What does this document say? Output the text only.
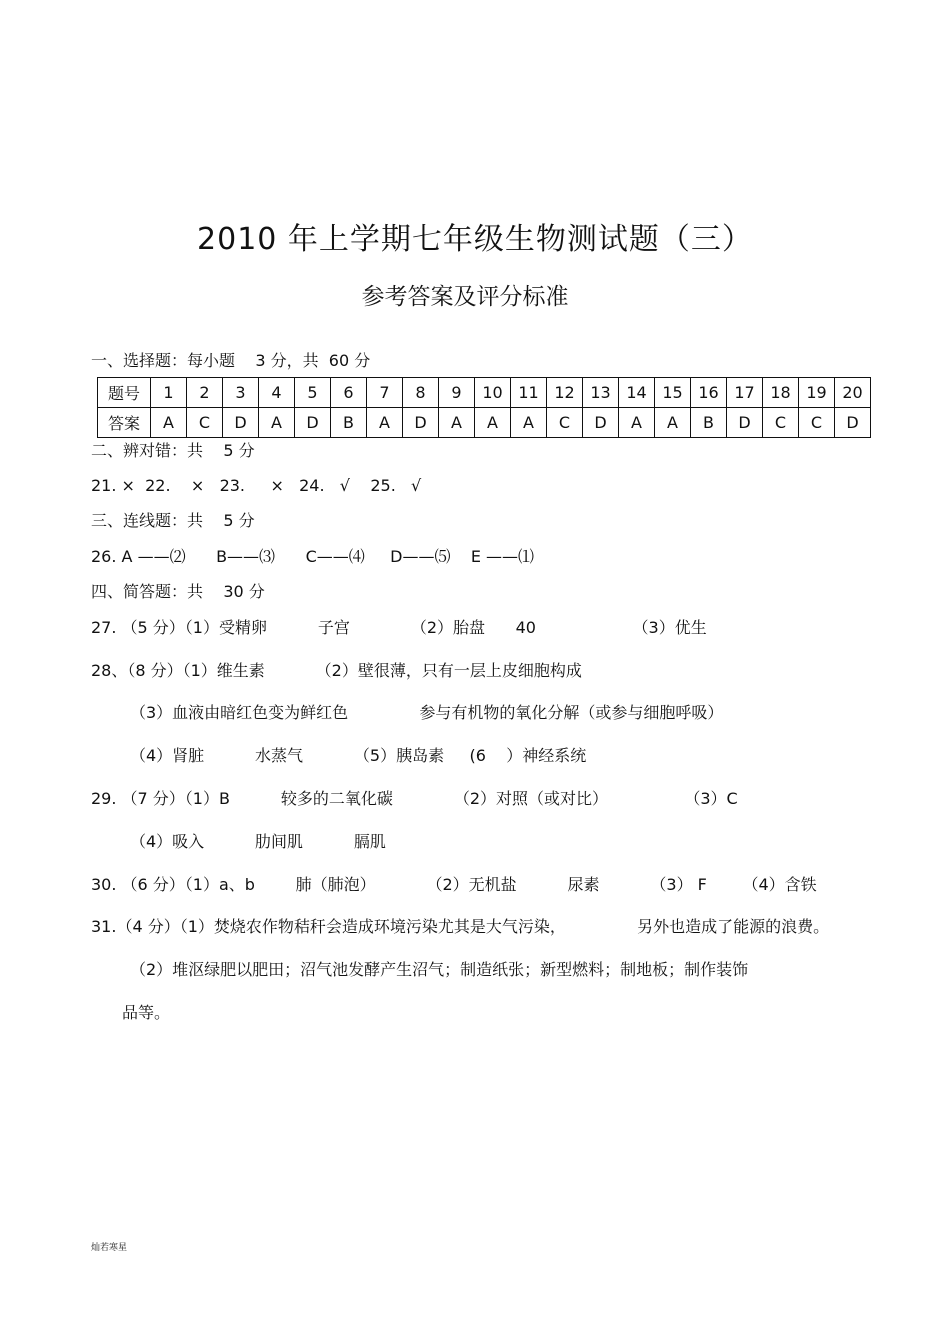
2010 年上学期七年级生物测试题（三）
参考答案及评分标准
一、选择题：每小题    3 分，共  60 分
题号	1	2	3	4	5	6	7	8	9	10	11	12	13	14	15	16	17	18	19	20
答案	A	C	D	A	D	B	A	D	A	A	A	C	D	A	A	B	D	C	C	D
二、辨对错：共    5 分
21. ×  22.    ×   23.     ×   24.   √    25.   √
三、连线题：共    5 分
26. A ——⑵      B——⑶      C——⑷     D——⑸    E ——⑴
四、简答题：共    30 分
27. （5 分）（1）受精卵          子宫            （2）胎盘      40                   （3）优生
28、（8 分）（1）维生素          （2）壁很薄，只有一层上皮细胞构成
（3）血液由暗红色变为鲜红色              参与有机物的氧化分解（或参与细胞呼吸）
（4）肾脏          水蒸气          （5）胰岛素     (6    ）神经系统
29. （7 分）（1）B          较多的二氧化碳            （2）对照（或对比）               （3）C
（4）吸入          肋间肌          膈肌
30. （6 分）（1）a、b        肺（肺泡）          （2）无机盐          尿素          （3） F       （4）含铁
31.（4 分）（1）焚烧农作物秸秆会造成环境污染尤其是大气污染，              另外也造成了能源的浪费。
（2）堆沤绿肥以肥田；沼气池发酵产生沼气；制造纸张；新型燃料；制地板；制作装饰
品等。
灿若寒星
